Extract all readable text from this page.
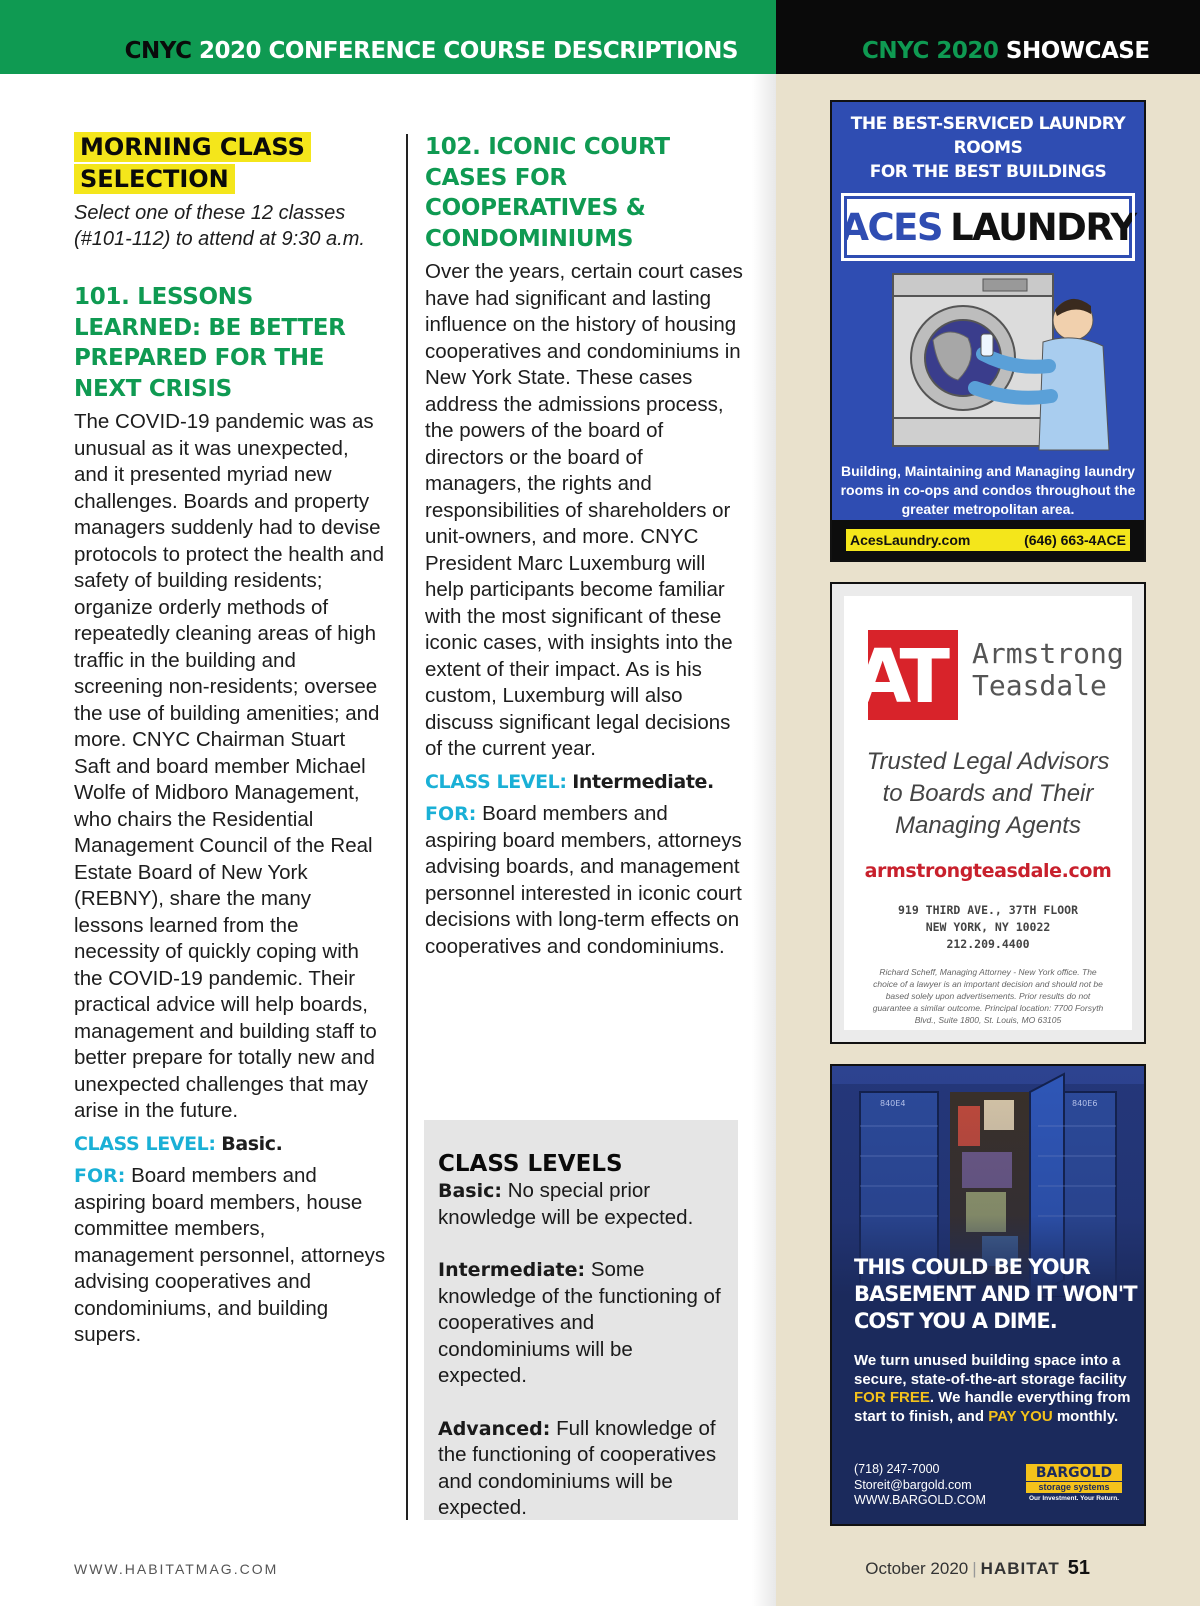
CNYC 2020 CONFERENCE COURSE DESCRIPTIONS	CNYC 2020 SHOWCASE
MORNING CLASS
SELECTION
Select one of these 12 classes (#101-112) to attend at 9:30 a.m.
101. LESSONS LEARNED: BE BETTER PREPARED FOR THE NEXT CRISIS
The COVID-19 pandemic was as unusual as it was unexpected, and it presented myriad new challenges. Boards and property managers suddenly had to devise protocols to protect the health and safety of building residents; organize orderly methods of repeatedly cleaning areas of high traffic in the building and screening non-residents; oversee the use of building amenities; and more. CNYC Chairman Stuart Saft and board member Michael Wolfe of Midboro Management, who chairs the Residential Management Council of the Real Estate Board of New York (REBNY), share the many lessons learned from the necessity of quickly coping with the COVID-19 pandemic. Their practical advice will help boards, management and building staff to better prepare for totally new and unexpected challenges that may arise in the future.
CLASS LEVEL: Basic.
FOR: Board members and aspiring board members, house committee members, management personnel, attorneys advising cooperatives and condominiums, and building supers.
102. ICONIC COURT CASES FOR COOPERATIVES & CONDOMINIUMS
Over the years, certain court cases have had significant and lasting influence on the history of housing cooperatives and condominiums in New York State. These cases address the admissions process, the powers of the board of directors or the board of managers, the rights and responsibilities of shareholders or unit-owners, and more. CNYC President Marc Luxemburg will help participants become familiar with the most significant of these iconic cases, with insights into the extent of their impact. As is his custom, Luxemburg will also discuss significant legal decisions of the current year.
CLASS LEVEL: Intermediate.
FOR: Board members and aspiring board members, attorneys advising boards, and management personnel interested in iconic court decisions with long-term effects on cooperatives and condominiums.
CLASS LEVELS
Basic: No special prior knowledge will be expected.
Intermediate: Some knowledge of the functioning of cooperatives and condominiums will be expected.
Advanced: Full knowledge of the functioning of cooperatives and condominiums will be expected.
THE BEST-SERVICED LAUNDRY ROOMS
FOR THE BEST BUILDINGS
ACES LAUNDRY
Building, Maintaining and Managing laundry rooms in co-ops and condos throughout the greater metropolitan area.
AcesLaundry.com	(646) 663-4ACE
AT Armstrong
Teasdale
Trusted Legal Advisors
to Boards and Their
Managing Agents
armstrongteasdale.com
919 THIRD AVE., 37TH FLOOR
NEW YORK, NY 10022
212.209.4400
Richard Scheff, Managing Attorney - New York office. The choice of a lawyer is an important decision and should not be based solely upon advertisements. Prior results do not guarantee a similar outcome. Principal location: 7700 Forsyth Blvd., Suite 1800, St. Louis, MO 63105
THIS COULD BE YOUR
BASEMENT AND IT WON'T
COST YOU A DIME.
We turn unused building space into a secure, state-of-the-art storage facility FOR FREE. We handle everything from start to finish, and PAY YOU monthly.
(718) 247-7000
Storeit@bargold.com
WWW.BARGOLD.COM
BARGOLD
storage systems
Our Investment. Your Return.
WWW.HABITATMAG.COM	October 2020 | HABITAT 51
